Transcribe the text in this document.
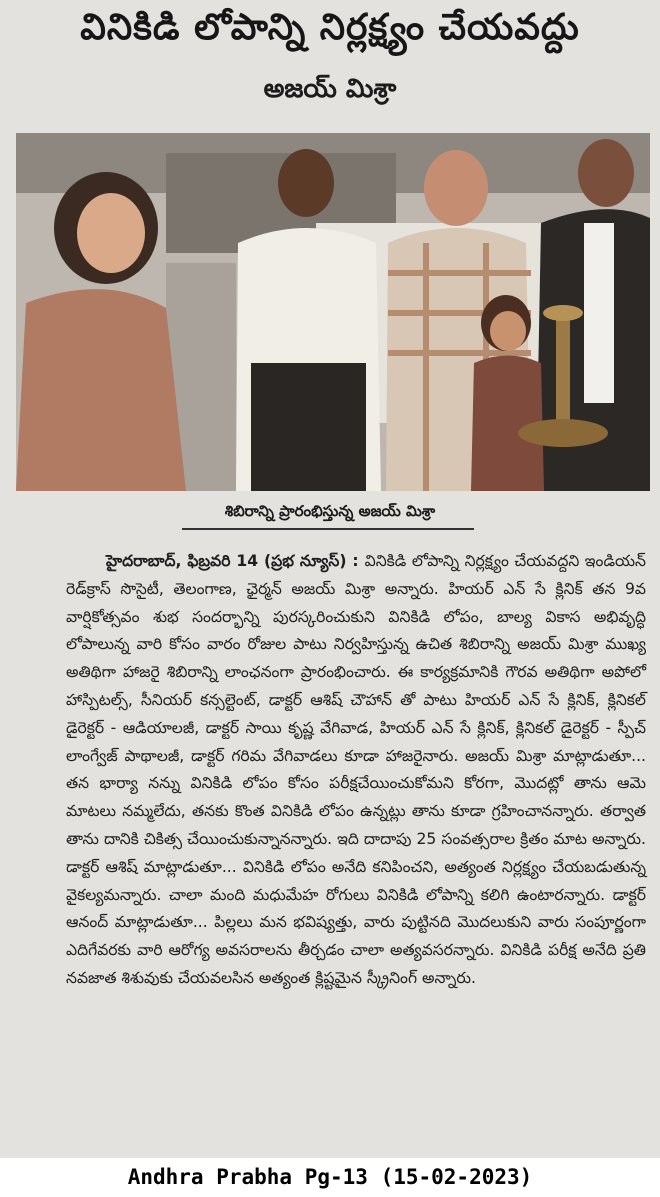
వినికిడి లోపాన్ని నిర్లక్ష్యం చేయవద్దు
అజయ్ మిశ్రా
శిబిరాన్ని ప్రారంభిస్తున్న అజయ్ మిశ్రా
హైదరాబాద్, ఫిబ్రవరి 14 (ప్రభ న్యూస్) : వినికిడి లోపాన్ని నిర్లక్ష్యం చేయవద్దని ఇండియన్ రెడ్‌క్రాస్ సొసైటీ, తెలంగాణ, ఛైర్మన్ అజయ్ మిశ్రా అన్నారు. హియర్ ఎన్ సే క్లినిక్ తన 9వ వార్షికోత్సవం శుభ సందర్భాన్ని పురస్కరించుకుని వినికిడి లోపం, బాల్య వికాస అభివృద్ధి లోపాలున్న వారి కోసం వారం రోజుల పాటు నిర్వహిస్తున్న ఉచిత శిబిరాన్ని అజయ్ మిశ్రా ముఖ్య అతిథిగా హాజరై శిబిరాన్ని లాంఛనంగా ప్రారంభించారు. ఈ కార్యక్రమానికి గౌరవ అతిథిగా అపోలో హాస్పిటల్స్, సీనియర్ కన్సల్టెంట్, డాక్టర్ ఆశిష్ చౌహాన్ తో పాటు హియర్ ఎన్ సే క్లినిక్, క్లినికల్ డైరెక్టర్ - ఆడియాలజీ, డాక్టర్ సాయి కృష్ణ వేగివాడ, హియర్ ఎన్ సే క్లినిక్, క్లినికల్ డైరెక్టర్ - స్పీచ్ లాంగ్వేజ్ పాథాలజీ, డాక్టర్ గరిమ వేగివాడలు కూడా హాజరైనారు. అజయ్ మిశ్రా మాట్లాడుతూ... తన భార్యా నన్ను వినికిడి లోపం కోసం పరీక్షచేయించుకోమని కోరగా, మొదట్లో తాను ఆమె మాటలు నమ్మలేదు, తనకు కొంత వినికిడి లోపం ఉన్నట్లు తాను కూడా గ్రహించానన్నారు. తర్వాత తాను దానికి చికిత్స చేయించుకున్నానన్నారు. ఇది దాదాపు 25 సంవత్సరాల క్రితం మాట అన్నారు. డాక్టర్ ఆశిష్ మాట్లాడుతూ... వినికిడి లోపం అనేది కనిపించని, అత్యంత నిర్లక్ష్యం చేయబడుతున్న వైకల్యమన్నారు. చాలా మంది మధుమేహ రోగులు వినికిడి లోపాన్ని కలిగి ఉంటారన్నారు. డాక్టర్ ఆనంద్ మాట్లాడుతూ... పిల్లలు మన భవిష్యత్తు, వారు పుట్టినది మొదలుకుని వారు సంపూర్ణంగా ఎదిగేవరకు వారి ఆరోగ్య అవసరాలను తీర్చడం చాలా అత్యవసరన్నారు. వినికిడి పరీక్ష అనేది ప్రతి నవజాత శిశువుకు చేయవలసిన అత్యంత క్లిష్టమైన స్క్రీనింగ్ అన్నారు.
Andhra Prabha Pg-13 (15-02-2023)
